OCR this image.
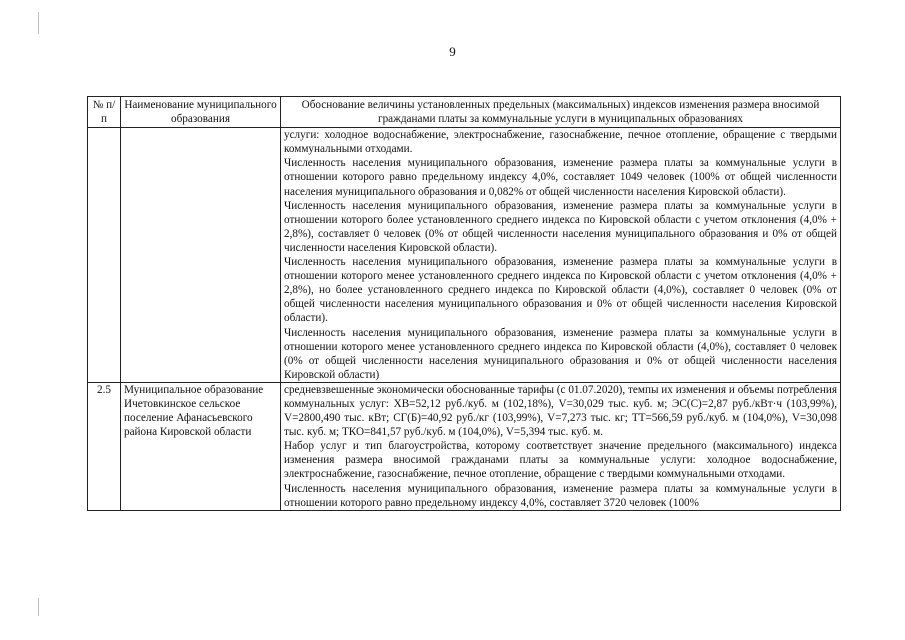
9
№ п/п	Наименование муниципального образования	Обоснование величины установленных предельных (максимальных) индексов изменения размера вносимой гражданами платы за коммунальные услуги в муниципальных образованиях

		услуги: холодное водоснабжение, электроснабжение, газоснабжение, печное отопление, обращение с твердыми коммунальными отходами.

Численность населения муниципального образования, изменение размера платы за коммунальные услуги в отношении которого равно предельному индексу 4,0%, составляет 1049 человек (100% от общей численности населения муниципального образования и 0,082% от общей численности населения Кировской области).

Численность населения муниципального образования, изменение размера платы за коммунальные услуги в отношении которого более установленного среднего индекса по Кировской области с учетом отклонения (4,0% + 2,8%), составляет 0 человек (0% от общей численности населения муниципального образования и 0% от общей численности населения Кировской области).

Численность населения муниципального образования, изменение размера платы за коммунальные услуги в отношении которого менее установленного среднего индекса по Кировской области с учетом отклонения (4,0% + 2,8%), но более установленного среднего индекса по Кировской области (4,0%), составляет 0 человек (0% от общей численности населения муниципального образования и 0% от общей численности населения Кировской области).

Численность населения муниципального образования, изменение размера платы за коммунальные услуги в отношении которого менее установленного среднего индекса по Кировской области (4,0%), составляет 0 человек (0% от общей численности населения муниципального образования и 0% от общей численности населения Кировской области)

2.5	Муниципальное образование Ичетовкинское сельское поселение Афанасьевского района Кировской области	средневзвешенные экономически обоснованные тарифы (с 01.07.2020), темпы их изменения и объемы потребления коммунальных услуг: ХВ=52,12 руб./куб. м (102,18%), V=30,029 тыс. куб. м; ЭС(С)=2,87 руб./кВт·ч (103,99%), V=2800,490 тыс. кВт; СГ(Б)=40,92 руб./кг (103,99%), V=7,273 тыс. кг; ТТ=566,59 руб./куб. м (104,0%), V=30,098 тыс. куб. м; ТКО=841,57 руб./куб. м (104,0%), V=5,394 тыс. куб. м.

Набор услуг и тип благоустройства, которому соответствует значение предельного (максимального) индекса изменения размера вносимой гражданами платы за коммунальные услуги: холодное водоснабжение, электроснабжение, газоснабжение, печное отопление, обращение с твердыми коммунальными отходами.

Численность населения муниципального образования, изменение размера платы за коммунальные услуги в отношении которого равно предельному индексу 4,0%, составляет 3720 человек (100%
